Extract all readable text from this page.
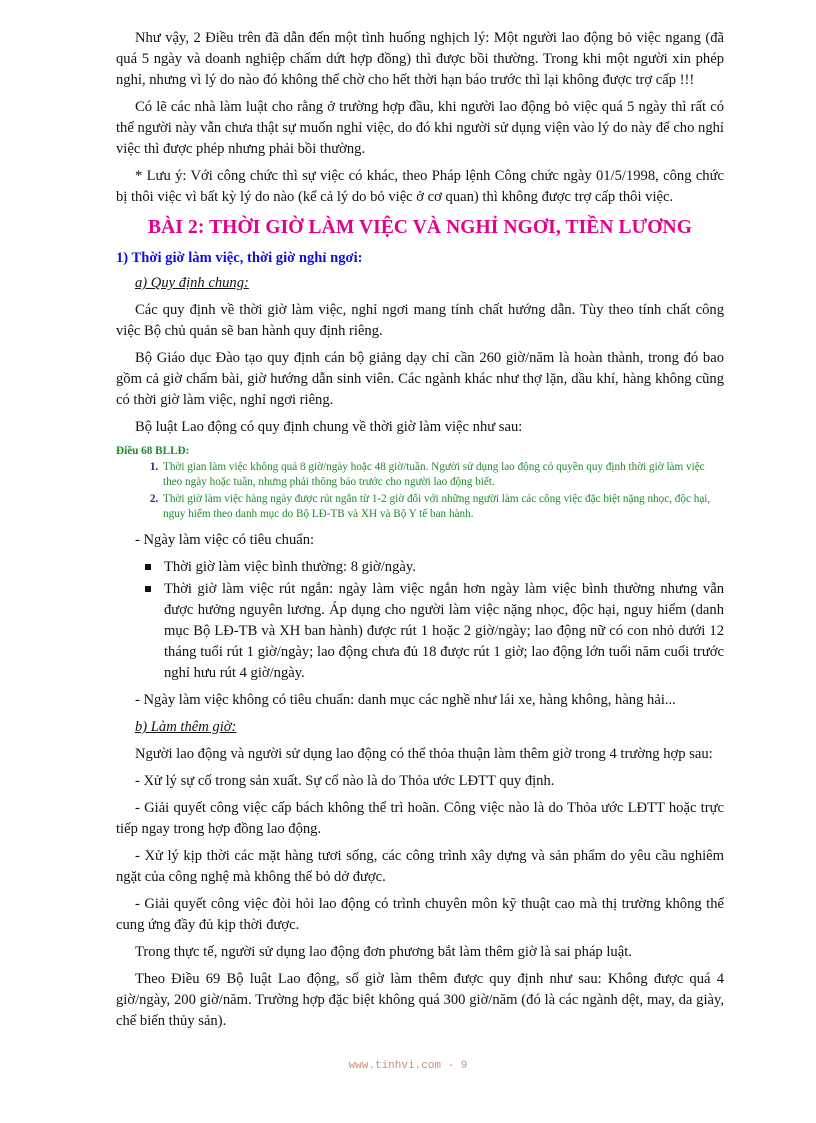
Như vậy, 2 Điều trên đã dẫn đến một tình huống nghịch lý: Một người lao động bỏ việc ngang (đã quá 5 ngày và doanh nghiệp chấm dứt hợp đồng) thì được bồi thường. Trong khi một người xin phép nghỉ, nhưng vì lý do nào đó không thể chờ cho hết thời hạn báo trước thì lại không được trợ cấp !!!

Có lẽ các nhà làm luật cho rằng ở trường hợp đầu, khi người lao động bỏ việc quá 5 ngày thì rất có thể người này vẫn chưa thật sự muốn nghỉ việc, do đó khi người sử dụng viện vào lý do này để cho nghỉ việc thì được phép nhưng phải bồi thường.

* Lưu ý: Với công chức thì sự việc có khác, theo Pháp lệnh Công chức ngày 01/5/1998, công chức bị thôi việc vì bất kỳ lý do nào (kể cả lý do bỏ việc ở cơ quan) thì không được trợ cấp thôi việc.

BÀI 2: THỜI GIỜ LÀM VIỆC VÀ NGHỈ NGƠI, TIỀN LƯƠNG
1) Thời giờ làm việc, thời giờ nghỉ ngơi:

a) Quy định chung:

Các quy định về thời giờ làm việc, nghỉ ngơi mang tính chất hướng dẫn. Tùy theo tính chất công việc Bộ chủ quản sẽ ban hành quy định riêng.

Bộ Giáo dục Đào tạo quy định cán bộ giảng dạy chỉ cần 260 giờ/năm là hoàn thành, trong đó bao gồm cả giờ chấm bài, giờ hướng dẫn sinh viên. Các ngành khác như thợ lặn, dầu khí, hàng không cũng có thời giờ làm việc, nghỉ ngơi riêng.

Bộ luật Lao động có quy định chung về thời giờ làm việc như sau:

Điều 68 BLLĐ:
1. Thời gian làm việc không quá 8 giờ/ngày hoặc 48 giờ/tuần. Người sử dụng lao động có quyền quy định thời giờ làm việc theo ngày hoặc tuần, nhưng phải thông báo trước cho người lao động biết.
2. Thời giờ làm việc hàng ngày được rút ngắn từ 1-2 giờ đối với những người làm các công việc đặc biệt nặng nhọc, độc hại, nguy hiểm theo danh mục do Bộ LĐ-TB và XH và Bộ Y tế ban hành.

- Ngày làm việc có tiêu chuẩn:

Thời giờ làm việc bình thường: 8 giờ/ngày.
Thời giờ làm việc rút ngắn: ngày làm việc ngắn hơn ngày làm việc bình thường nhưng vẫn được hưởng nguyên lương. Áp dụng cho người làm việc nặng nhọc, độc hại, nguy hiểm (danh mục Bộ LĐ-TB và XH ban hành) được rút 1 hoặc 2 giờ/ngày; lao động nữ có con nhỏ dưới 12 tháng tuổi rút 1 giờ/ngày; lao động chưa đủ 18 được rút 1 giờ; lao động lớn tuổi năm cuối trước nghỉ hưu rút 4 giờ/ngày.

- Ngày làm việc không có tiêu chuẩn: danh mục các nghề như lái xe, hàng không, hàng hải...

b) Làm thêm giờ:

Người lao động và người sử dụng lao động có thể thỏa thuận làm thêm giờ trong 4 trường hợp sau:

- Xử lý sự cố trong sản xuất. Sự cố nào là do Thỏa ước LĐTT quy định.

- Giải quyết công việc cấp bách không thể trì hoãn. Công việc nào là do Thỏa ước LĐTT hoặc trực tiếp ngay trong hợp đồng lao động.

- Xử lý kịp thời các mặt hàng tươi sống, các công trình xây dựng và sản phẩm do yêu cầu nghiêm ngặt của công nghệ mà không thể bỏ dở được.

- Giải quyết công việc đòi hỏi lao động có trình chuyên môn kỹ thuật cao mà thị trường không thể cung ứng đầy đủ kịp thời được.

Trong thực tế, người sử dụng lao động đơn phương bắt làm thêm giờ là sai pháp luật.

Theo Điều 69 Bộ luật Lao động, số giờ làm thêm được quy định như sau: Không được quá 4 giờ/ngày, 200 giờ/năm. Trường hợp đặc biệt không quá 300 giờ/năm (đó là các ngành dệt, may, da giày, chế biến thủy sản).

www.tinhvi.com - 9
